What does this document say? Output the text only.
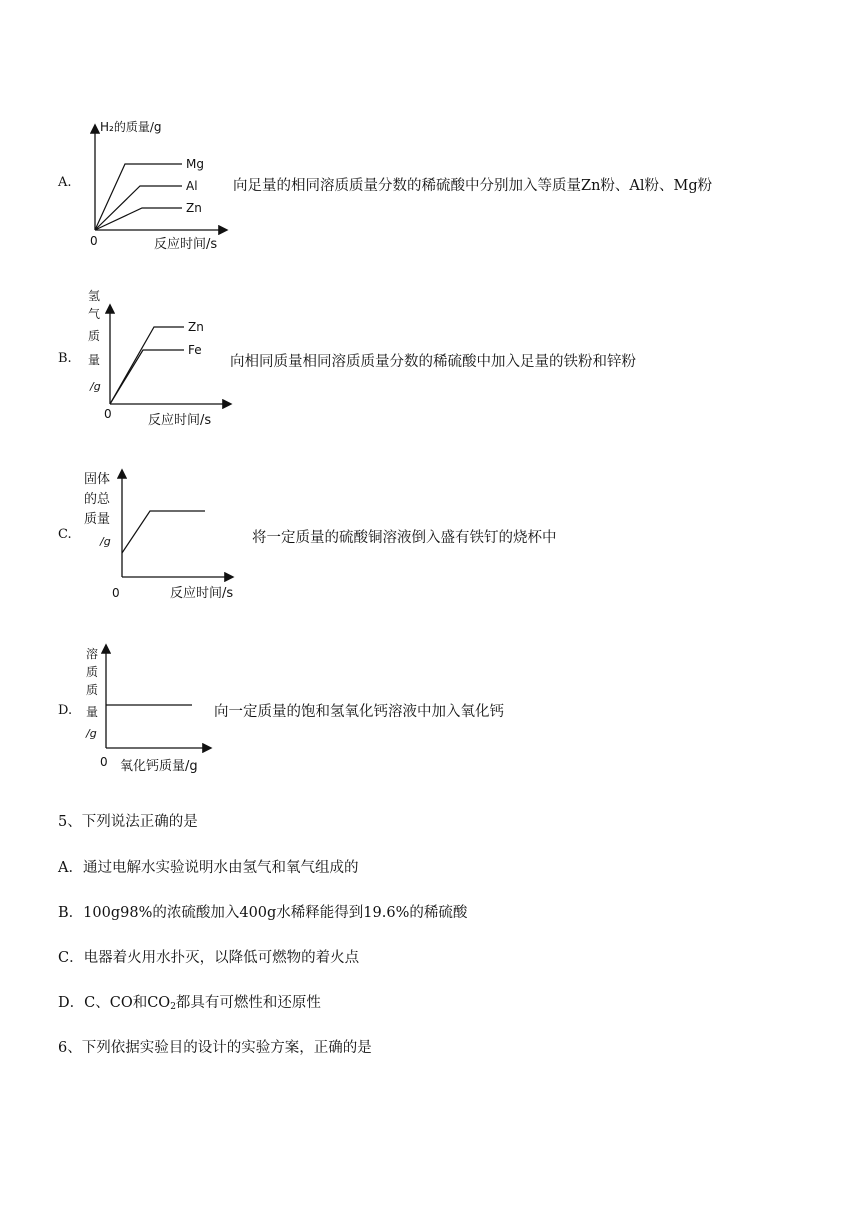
A.
H₂的质量/g
Mg
Al
Zn
0	反应时间/s
向足量的相同溶质质量分数的稀硫酸中分别加入等质量Zn粉、Al粉、Mg粉
B.
氢
气
质
量
/g
Zn
Fe
0	反应时间/s
向相同质量相同溶质质量分数的稀硫酸中加入足量的铁粉和锌粉
C.
固体
的总
质量
/g
0	反应时间/s
将一定质量的硫酸铜溶液倒入盛有铁钉的烧杯中
D.
溶
质
质
量
/g
0 氧化钙质量/g
向一定质量的饱和氢氧化钙溶液中加入氧化钙
5、下列说法正确的是
A．通过电解水实验说明水由氢气和氧气组成的
B．100g98%的浓硫酸加入400g水稀释能得到19.6%的稀硫酸
C．电器着火用水扑灭，以降低可燃物的着火点
D．C、CO和$CO_2$都具有可燃性和还原性
6、下列依据实验目的设计的实验方案，正确的是
